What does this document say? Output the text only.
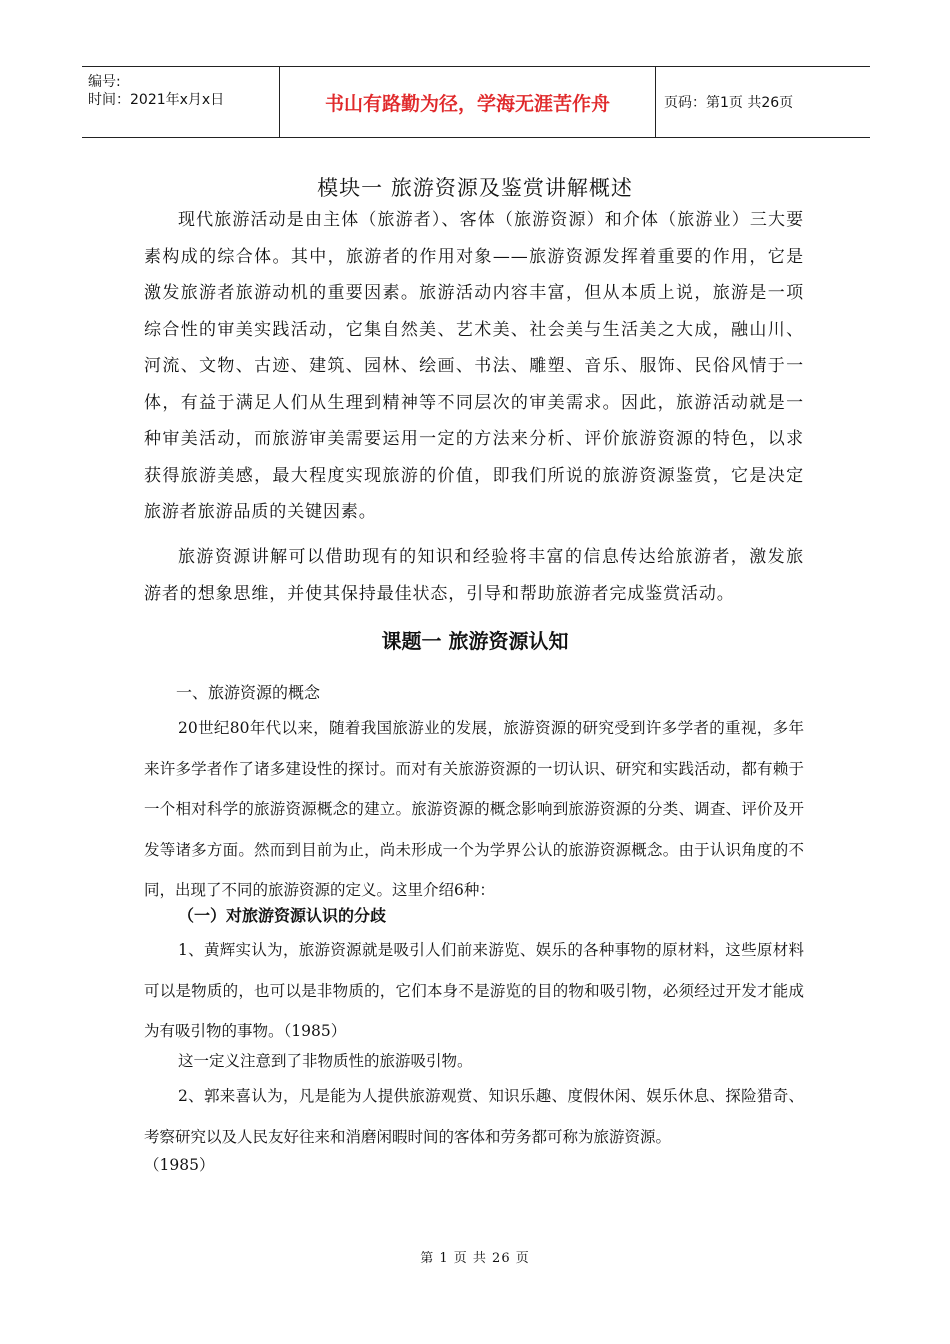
编号:
时间：2021年x月x日	书山有路勤为径，学海无涯苦作舟	页码：第1页 共26页
模块一 旅游资源及鉴赏讲解概述

现代旅游活动是由主体（旅游者）、客体（旅游资源）和介体（旅游业）三大要素构成的综合体。其中，旅游者的作用对象——旅游资源发挥着重要的作用，它是激发旅游者旅游动机的重要因素。旅游活动内容丰富，但从本质上说，旅游是一项综合性的审美实践活动，它集自然美、艺术美、社会美与生活美之大成，融山川、河流、文物、古迹、建筑、园林、绘画、书法、雕塑、音乐、服饰、民俗风情于一体，有益于满足人们从生理到精神等不同层次的审美需求。因此，旅游活动就是一种审美活动，而旅游审美需要运用一定的方法来分析、评价旅游资源的特色，以求获得旅游美感，最大程度实现旅游的价值，即我们所说的旅游资源鉴赏，它是决定旅游者旅游品质的关键因素。

旅游资源讲解可以借助现有的知识和经验将丰富的信息传达给旅游者，激发旅游者的想象思维，并使其保持最佳状态，引导和帮助旅游者完成鉴赏活动。

课题一 旅游资源认知
一、旅游资源的概念

20世纪80年代以来，随着我国旅游业的发展，旅游资源的研究受到许多学者的重视，多年来许多学者作了诸多建设性的探讨。而对有关旅游资源的一切认识、研究和实践活动，都有赖于一个相对科学的旅游资源概念的建立。旅游资源的概念影响到旅游资源的分类、调查、评价及开发等诸多方面。然而到目前为止，尚未形成一个为学界公认的旅游资源概念。由于认识角度的不同，出现了不同的旅游资源的定义。这里介绍6种：

（一）对旅游资源认识的分歧

1、黄辉实认为，旅游资源就是吸引人们前来游览、娱乐的各种事物的原材料，这些原材料可以是物质的，也可以是非物质的，它们本身不是游览的目的物和吸引物，必须经过开发才能成为有吸引物的事物。（1985）

这一定义注意到了非物质性的旅游吸引物。

2、郭来喜认为，凡是能为人提供旅游观赏、知识乐趣、度假休闲、娱乐休息、探险猎奇、考察研究以及人民友好往来和消磨闲暇时间的客体和劳务都可称为旅游资源。

（1985）

第 1 页 共 26 页
